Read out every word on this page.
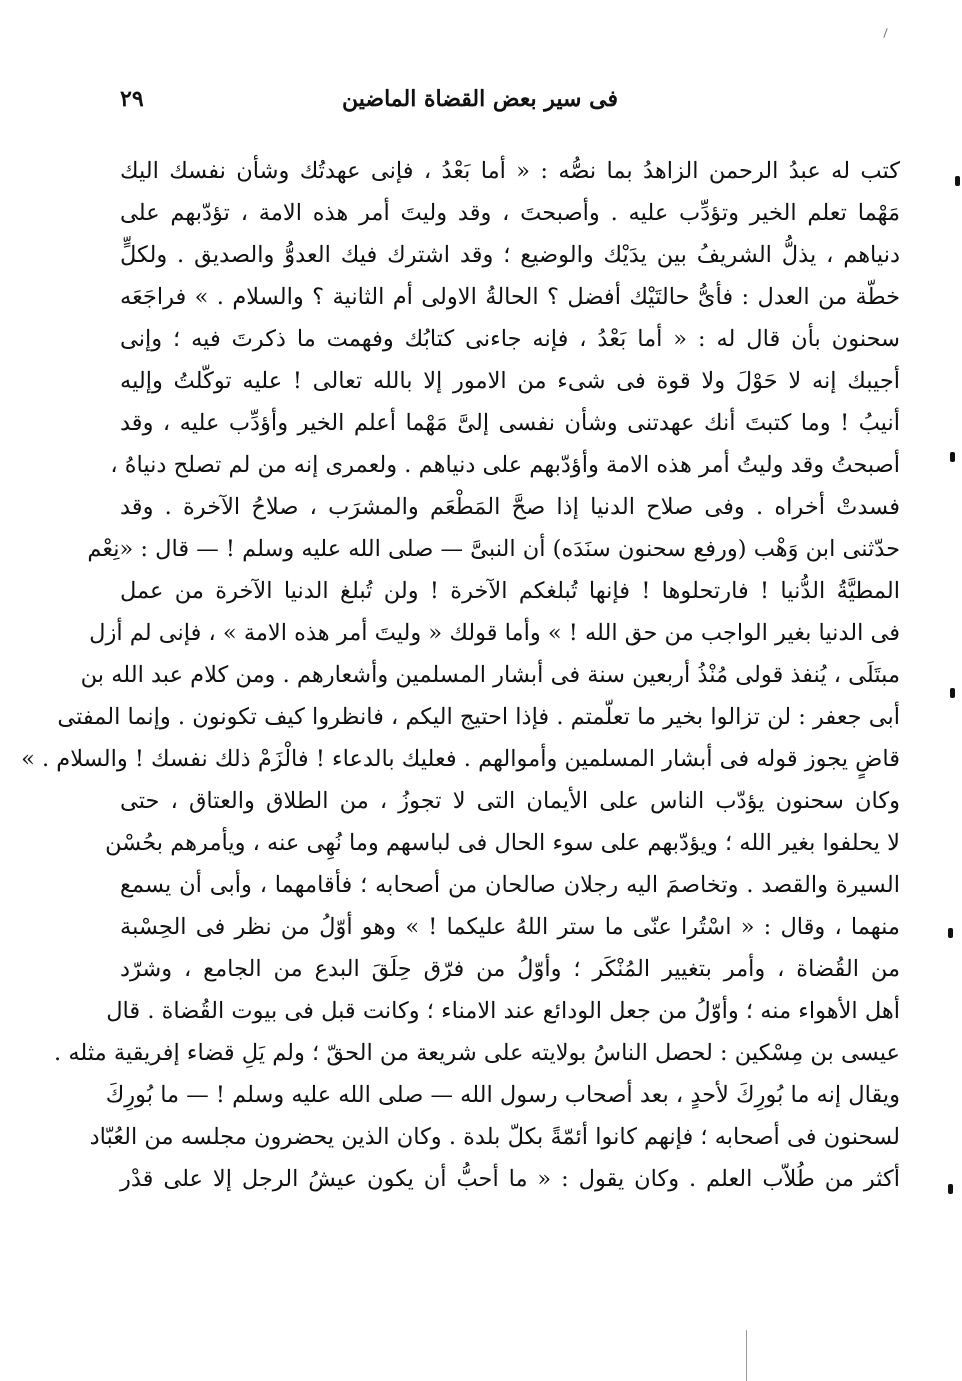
٢٩	فى سير بعض القضاة الماضين
كتب له عبدُ الرحمن الزاهدُ بما نصُّه : « أما بَعْدُ ، فإنى عهدتُك وشأن نفسك اليك
مَهْما تعلم الخير وتؤدِّب عليه . وأصبحتَ ، وقد وليتَ أمر هذه الامة ، تؤدّبهم على
دنياهم ، يذلُّ الشريفُ بين يدَيْك والوضيع ؛ وقد اشترك فيك العدوُّ والصديق . ولكلٍّ
خطّة من العدل : فأىُّ حالتَيْك أفضل ؟ الحالةُ الاولى أم الثانية ؟ والسلام . » فراجَعَه
سحنون بأن قال له : « أما بَعْدُ ، فإنه جاءنى كتابُك وفهمت ما ذكرتَ فيه ؛ وإنى
أجيبك إنه لا حَوْلَ ولا قوة فى شىء من الامور إلا بالله تعالى ! عليه توكّلتُ وإليه
أنيبُ ! وما كتبتَ أنك عهدتنى وشأن نفسى إلىَّ مَهْما أعلم الخير وأؤدِّب عليه ، وقد
أصبحتُ وقد وليتُ أمر هذه الامة وأؤدّبهم على دنياهم . ولعمرى إنه من لم تصلح دنياهُ ،
فسدتْ أخراه . وفى صلاح الدنيا إذا صحَّ المَطْعَم والمشرَب ، صلاحُ الآخرة . وقد
حدّثنى ابن وَهْب (ورفع سحنون سنَدَه) أن النبىَّ — صلى الله عليه وسلم ! — قال : «نِعْم
المطيَّةُ الدُّنيا ! فارتحلوها ! فإنها تُبلغكم الآخرة ! ولن تُبلغ الدنيا الآخرة من عمل
فى الدنيا بغير الواجب من حق الله ! » وأما قولك « وليتَ أمر هذه الامة » ، فإنى لم أزل
مبتَلَى ، يُنفذ قولى مُنْذُ أربعين سنة فى أبشار المسلمين وأشعارهم . ومن كلام عبد الله بن
أبى جعفر : لن تزالوا بخير ما تعلّمتم . فإذا احتيج اليكم ، فانظروا كيف تكونون . وإنما المفتى
قاضٍ يجوز قوله فى أبشار المسلمين وأموالهم . فعليك بالدعاء ! فالْزَمْ ذلك نفسك ! والسلام . »
وكان سحنون يؤدّب الناس على الأيمان التى لا تجوزُ ، من الطلاق والعتاق ، حتى
لا يحلفوا بغير الله ؛ ويؤدّبهم على سوء الحال فى لباسهم وما نُهِى عنه ، ويأمرهم بحُسْن
السيرة والقصد . وتخاصمَ اليه رجلان صالحان من أصحابه ؛ فأقامهما ، وأبى أن يسمع
منهما ، وقال : « اسْتُرا عنّى ما ستر اللهُ عليكما ! » وهو أوّلُ من نظر فى الحِسْبة
من القُضاة ، وأمر بتغيير المُنْكَر ؛ وأوّلُ من فرّق حِلَقَ البدع من الجامع ، وشرّد
أهل الأهواء منه ؛ وأوّلُ من جعل الودائع عند الامناء ؛ وكانت قبل فى بيوت القُضاة . قال
عيسى بن مِسْكين : لحصل الناسُ بولايته على شريعة من الحقّ ؛ ولم يَلِ قضاء إفريقية مثله .
ويقال إنه ما بُورِكَ لأحدٍ ، بعد أصحاب رسول الله — صلى الله عليه وسلم ! — ما بُورِكَ
لسحنون فى أصحابه ؛ فإنهم كانوا أئمّةً بكلّ بلدة . وكان الذين يحضرون مجلسه من العُبّاد
أكثر من طُلاّب العلم . وكان يقول : « ما أحبُّ أن يكون عيشُ الرجل إلا على قدْر
